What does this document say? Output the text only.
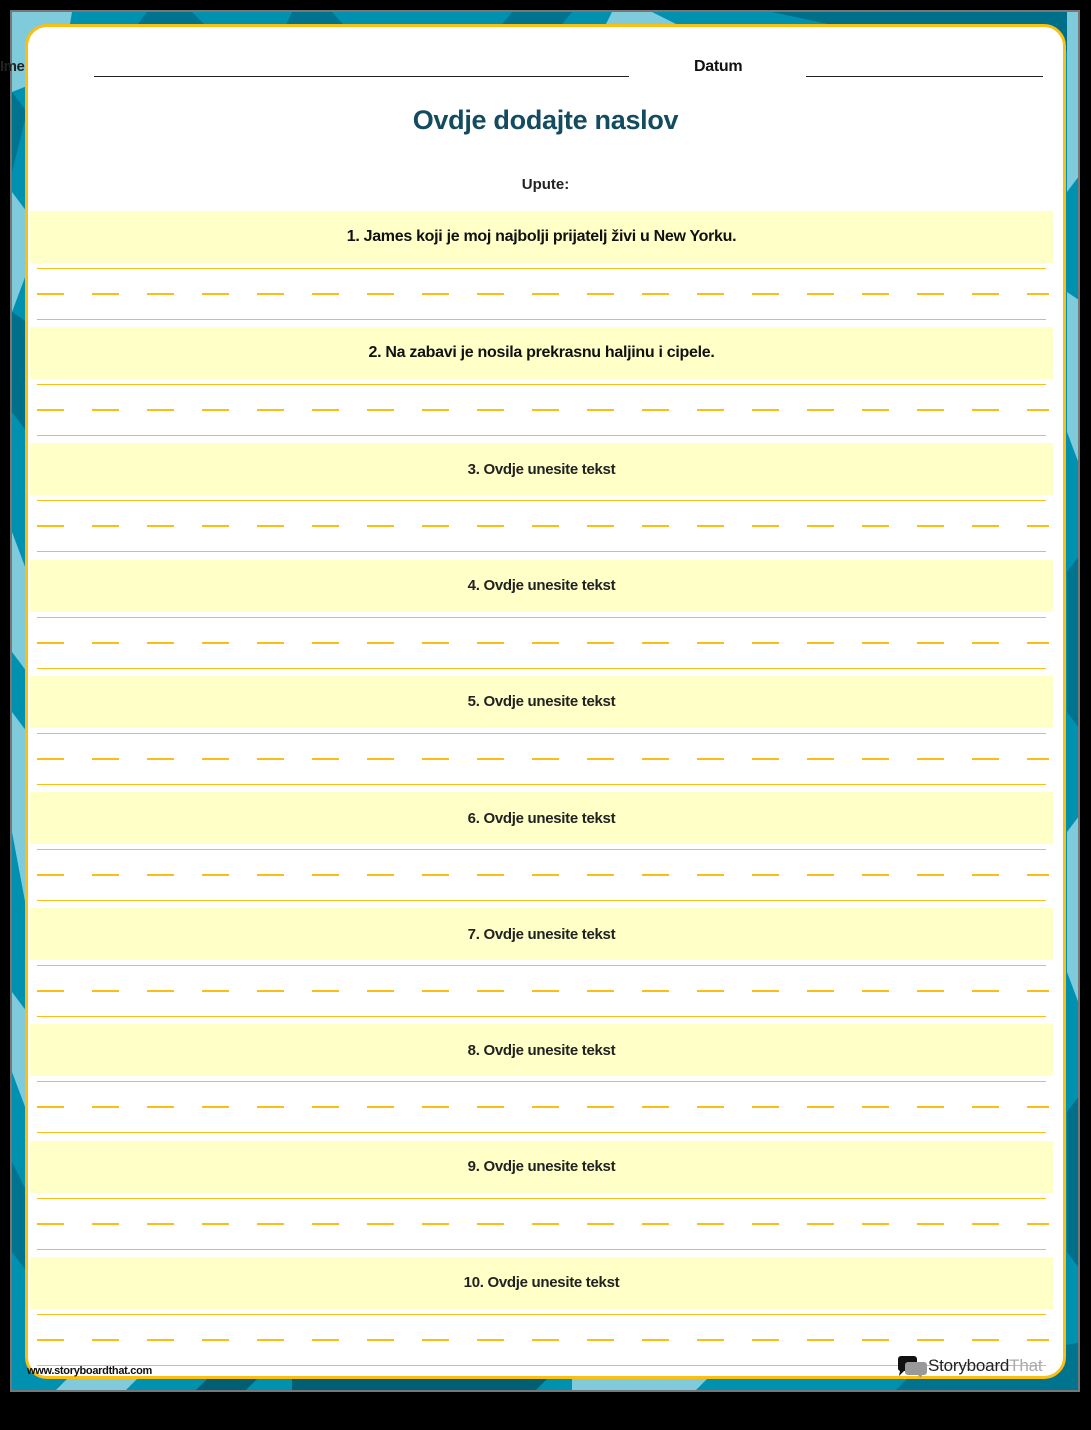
Ime	Datum
Ovdje dodajte naslov
Upute:
1. James koji je moj najbolji prijatelj živi u New Yorku.
2. Na zabavi je nosila prekrasnu haljinu i cipele.
3. Ovdje unesite tekst
4. Ovdje unesite tekst
5. Ovdje unesite tekst
6. Ovdje unesite tekst
7. Ovdje unesite tekst
8. Ovdje unesite tekst
9. Ovdje unesite tekst
10. Ovdje unesite tekst
www.storyboardthat.com	Storyboard That
